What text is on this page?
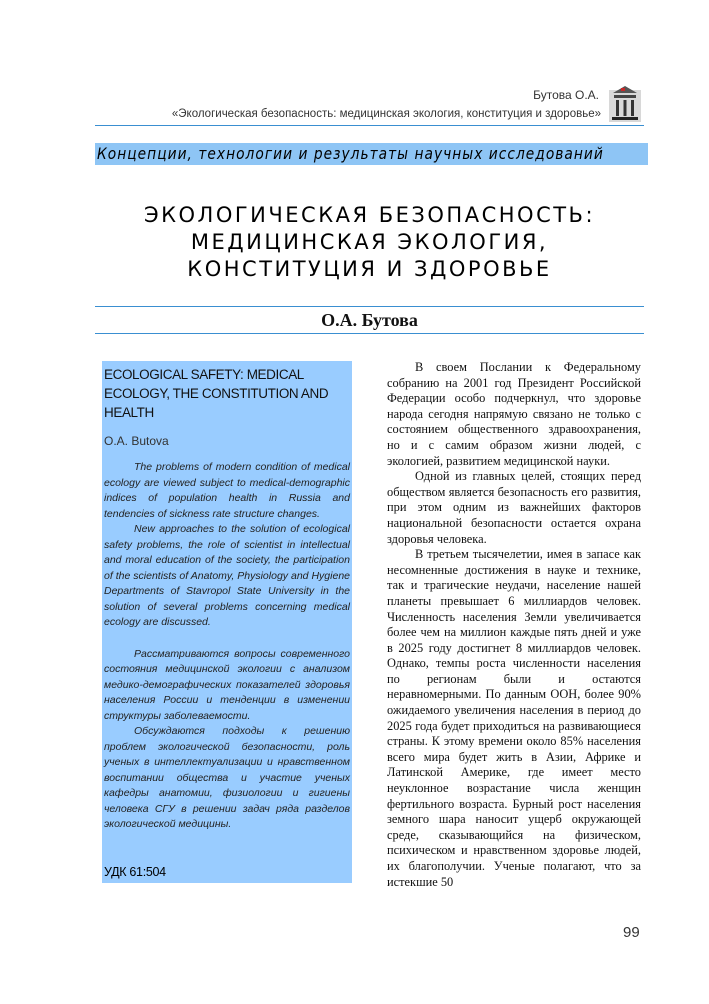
Бутова О.А.
«Экологическая безопасность: медицинская экология, конституция и здоровье»
Концепции, технологии и результаты научных исследований
ЭКОЛОГИЧЕСКАЯ БЕЗОПАСНОСТЬ:
МЕДИЦИНСКАЯ ЭКОЛОГИЯ,
КОНСТИТУЦИЯ И ЗДОРОВЬЕ
О.А. Бутова
ECOLOGICAL SAFETY: MEDICAL ECOLOGY, THE CONSTITUTION AND HEALTH
O.A. Butova

The problems of modern condition of medical ecology are viewed subject to medical-demographic indices of population health in Russia and tendencies of sickness rate structure changes.

New approaches to the solution of ecological safety problems, the role of scientist in intellectual and moral education of the society, the participation of the scientists of Anatomy, Physiology and Hygiene Departments of Stavropol State University in the solution of several problems concerning medical ecology are discussed.

Рассматриваются вопросы современного состояния медицинской экологии с анализом медико-демографических показателей здоровья населения России и тенденции в изменении структуры заболеваемости.

Обсуждаются подходы к решению проблем экологической безопасности, роль ученых в интеллектуализации и нравственном воспитании общества и участие ученых кафедры анатомии, физиологии и гигиены человека СГУ в решении задач ряда разделов экологической медицины.

УДК 61:504

В своем Послании к Федеральному собранию на 2001 год Президент Российской Федерации особо подчеркнул, что здоровье народа сегодня напрямую связано не только с состоянием общественного здравоохранения, но и с самим образом жизни людей, с экологией, развитием медицинской науки.

Одной из главных целей, стоящих перед обществом является безопасность его развития, при этом одним из важнейших факторов национальной безопасности остается охрана здоровья человека.

В третьем тысячелетии, имея в запасе как несомненные достижения в науке и технике, так и трагические неудачи, население нашей планеты превышает 6 миллиардов человек. Численность населения Земли увеличивается более чем на миллион каждые пять дней и уже в 2025 году достигнет 8 миллиардов человек. Однако, темпы роста численности населения по регионам были и остаются неравномерными. По данным ООН, более 90% ожидаемого увеличения населения в период до 2025 года будет приходиться на развивающиеся страны. К этому времени около 85% населения всего мира будет жить в Азии, Африке и Латинской Америке, где имеет место неуклонное возрастание числа женщин фертильного возраста. Бурный рост населения земного шара наносит ущерб окружающей среде, сказывающийся на физическом, психическом и нравственном здоровье людей, их благополучии. Ученые полагают, что за истекшие 50

99
